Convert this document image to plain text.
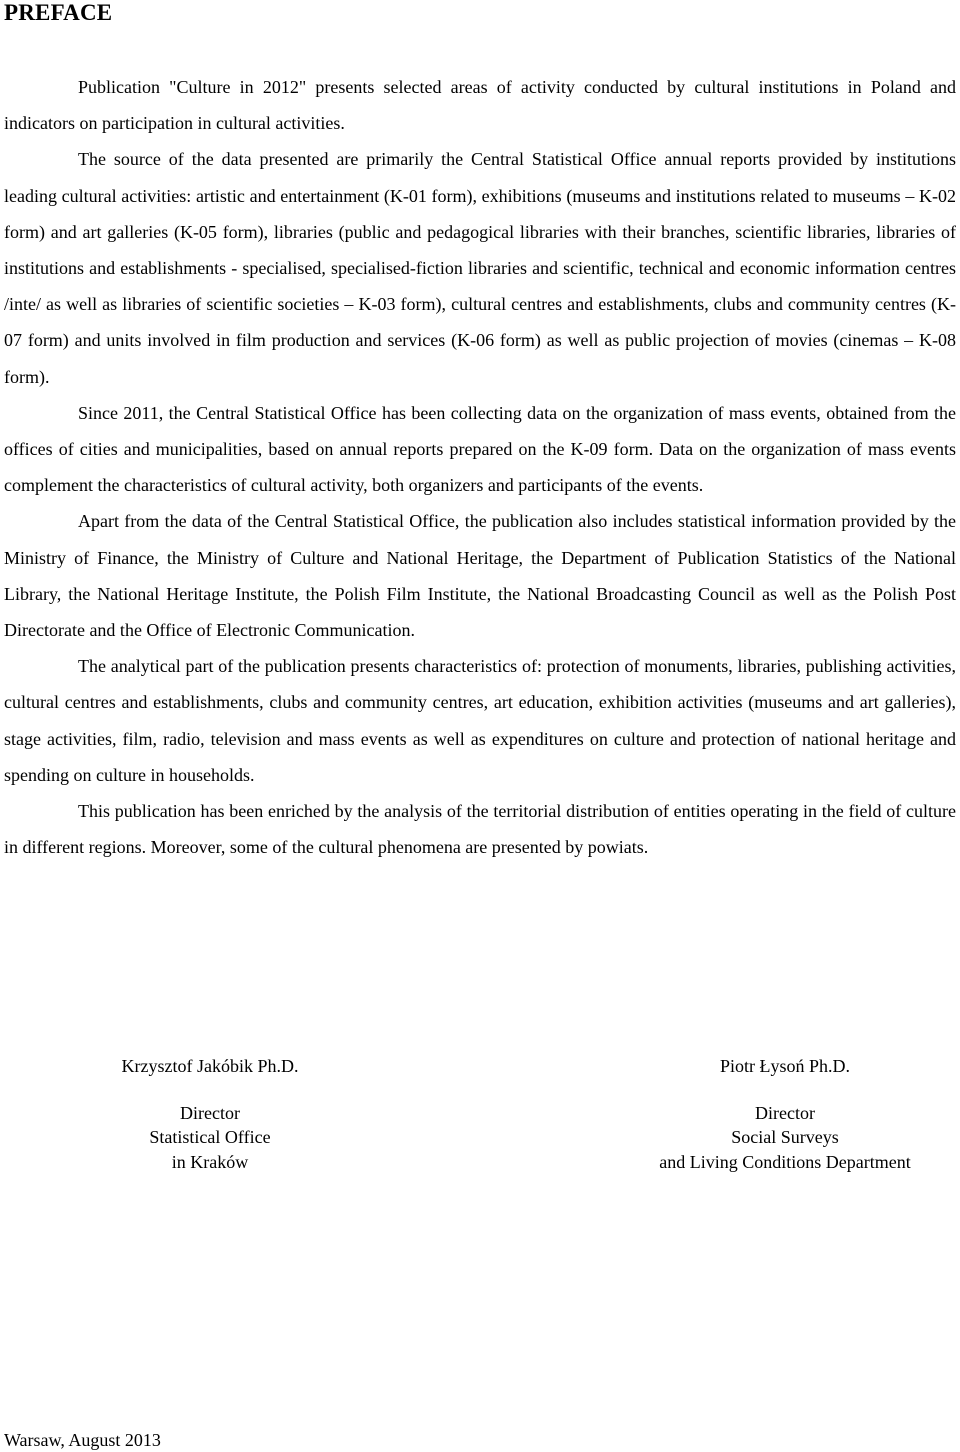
PREFACE

Publication "Culture in 2012" presents selected areas of activity conducted by cultural institutions in Poland and indicators on participation in cultural activities.

The source of the data presented are primarily the Central Statistical Office annual reports provided by institutions leading cultural activities: artistic and entertainment (K-01 form), exhibitions (museums and institutions related to museums – K-02 form) and art galleries (K-05 form), libraries (public and pedagogical libraries with their branches, scientific libraries, libraries of institutions and establishments - specialised, specialised-fiction libraries and scientific, technical and economic information centres /inte/ as well as libraries of scientific societies – K-03 form), cultural centres and establishments, clubs and community centres (K-07 form) and units involved in film production and services (K-06 form) as well as public projection of movies (cinemas – K-08 form).

Since 2011, the Central Statistical Office has been collecting data on the organization of mass events, obtained from the offices of cities and municipalities, based on annual reports prepared on the K-09 form. Data on the organization of mass events complement the characteristics of cultural activity, both organizers and participants of the events.

Apart from the data of the Central Statistical Office, the publication also includes statistical information provided by the Ministry of Finance, the Ministry of Culture and National Heritage, the Department of Publication Statistics of the National Library, the National Heritage Institute, the Polish Film Institute, the National Broadcasting Council as well as the Polish Post Directorate and the Office of Electronic Communication.

The analytical part of the publication presents characteristics of: protection of monuments, libraries, publishing activities, cultural centres and establishments, clubs and community centres, art education, exhibition activities (museums and art galleries), stage activities, film, radio, television and mass events as well as expenditures on culture and protection of national heritage and spending on culture in households.

This publication has been enriched by the analysis of the territorial distribution of entities operating in the field of culture in different regions. Moreover, some of the cultural phenomena are presented by powiats.

Krzysztof Jakóbik Ph.D.
Director
Statistical Office
in Kraków
Piotr Łysoń Ph.D.
Director
Social Surveys
and Living Conditions Department
Warsaw, August 2013
